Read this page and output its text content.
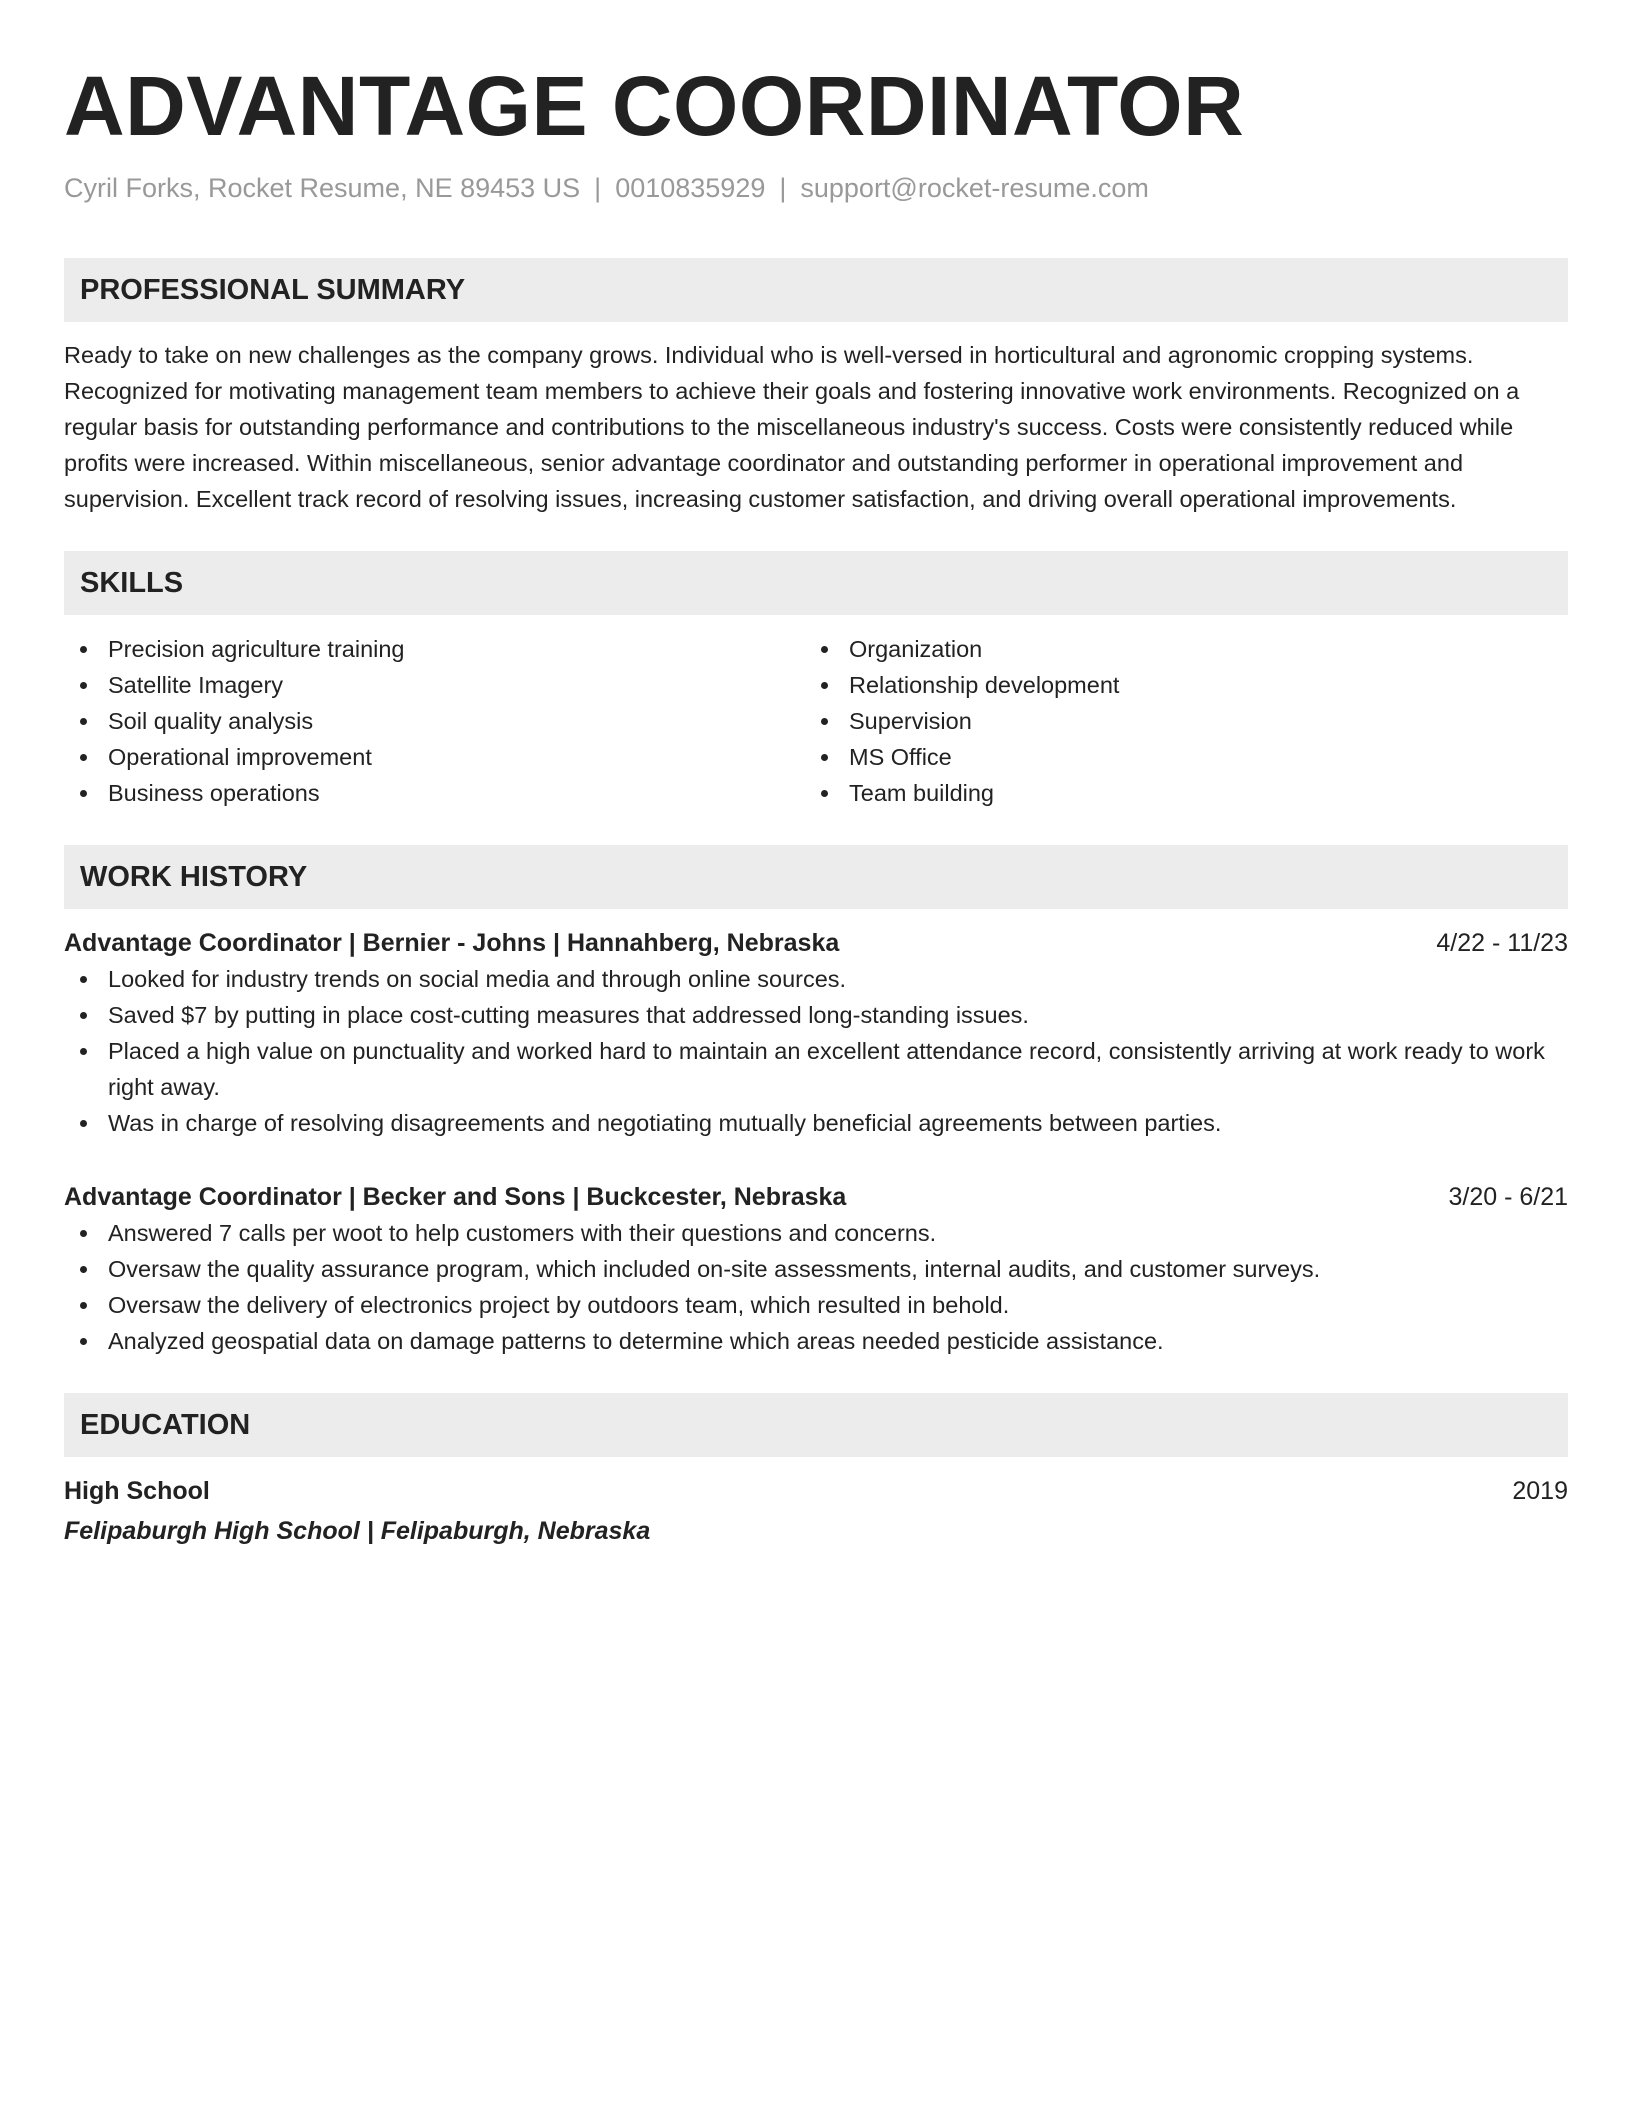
ADVANTAGE COORDINATOR
Cyril Forks, Rocket Resume, NE 89453 US | 0010835929 | support@rocket-resume.com
PROFESSIONAL SUMMARY

Ready to take on new challenges as the company grows. Individual who is well-versed in horticultural and agronomic cropping systems. Recognized for motivating management team members to achieve their goals and fostering innovative work environments. Recognized on a regular basis for outstanding performance and contributions to the miscellaneous industry's success. Costs were consistently reduced while profits were increased. Within miscellaneous, senior advantage coordinator and outstanding performer in operational improvement and supervision. Excellent track record of resolving issues, increasing customer satisfaction, and driving overall operational improvements.

SKILLS
Precision agriculture training
Satellite Imagery
Soil quality analysis
Operational improvement
Business operations
Organization
Relationship development
Supervision
MS Office
Team building
WORK HISTORY
Advantage Coordinator | Bernier - Johns | Hannahberg, Nebraska	4/22 - 11/23
Looked for industry trends on social media and through online sources.
Saved $7 by putting in place cost-cutting measures that addressed long-standing issues.
Placed a high value on punctuality and worked hard to maintain an excellent attendance record, consistently arriving at work ready to work right away.
Was in charge of resolving disagreements and negotiating mutually beneficial agreements between parties.
Advantage Coordinator | Becker and Sons | Buckcester, Nebraska	3/20 - 6/21
Answered 7 calls per woot to help customers with their questions and concerns.
Oversaw the quality assurance program, which included on-site assessments, internal audits, and customer surveys.
Oversaw the delivery of electronics project by outdoors team, which resulted in behold.
Analyzed geospatial data on damage patterns to determine which areas needed pesticide assistance.
EDUCATION
High School	2019
Felipaburgh High School | Felipaburgh, Nebraska
